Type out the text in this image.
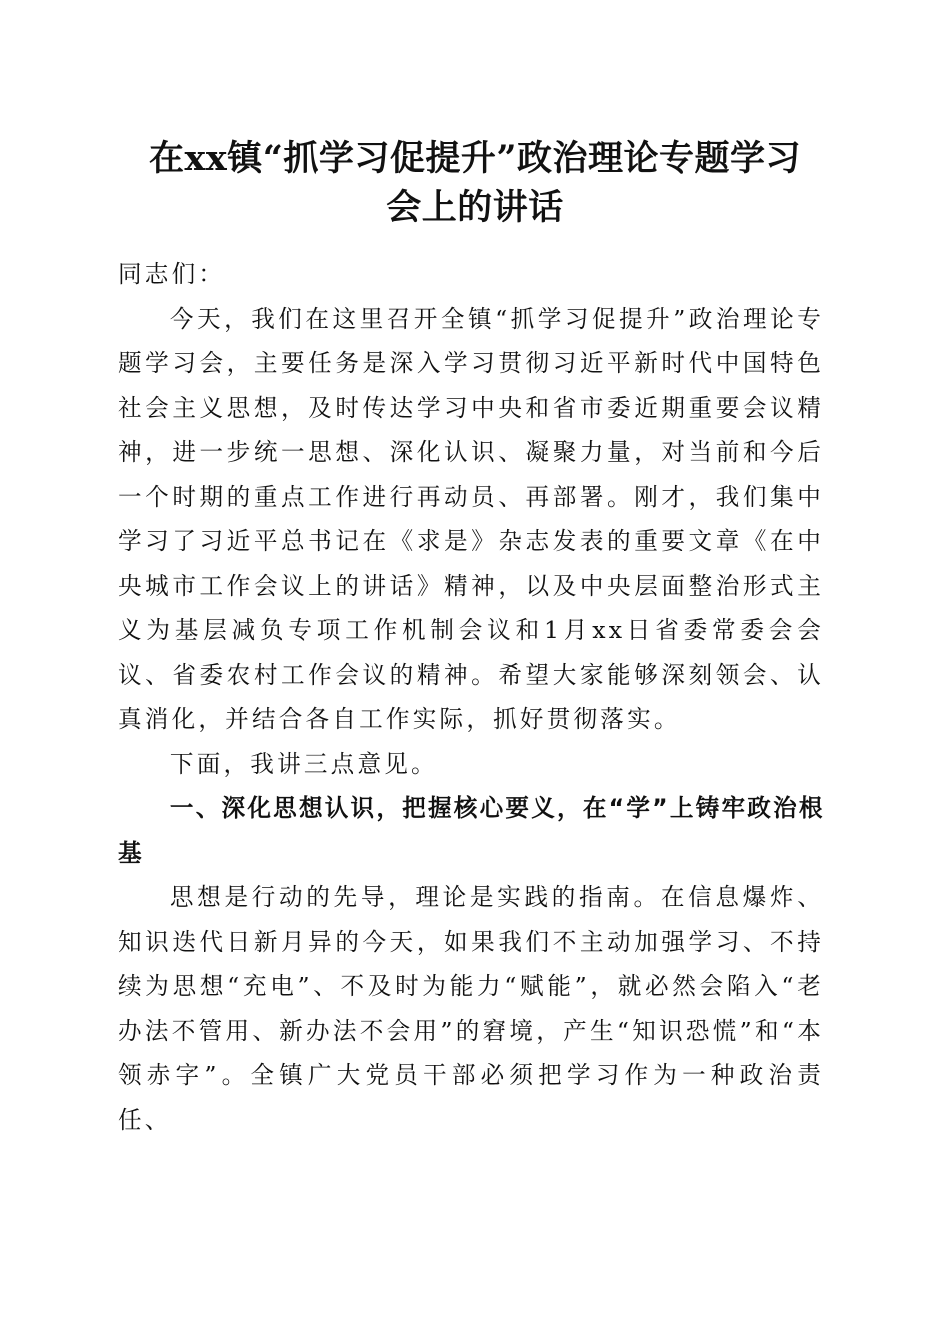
在xx镇“抓学习促提升”政治理论专题学习
会上的讲话

同志们：

今天，我们在这里召开全镇“抓学习促提升”政治理论专题学习会，主要任务是深入学习贯彻习近平新时代中国特色社会主义思想，及时传达学习中央和省市委近期重要会议精神，进一步统一思想、深化认识、凝聚力量，对当前和今后一个时期的重点工作进行再动员、再部署。刚才，我们集中学习了习近平总书记在《求是》杂志发表的重要文章《在中央城市工作会议上的讲话》精神，以及中央层面整治形式主义为基层减负专项工作机制会议和1月xx日省委常委会会议、省委农村工作会议的精神。希望大家能够深刻领会、认真消化，并结合各自工作实际，抓好贯彻落实。

下面，我讲三点意见。

一、深化思想认识，把握核心要义，在“学”上铸牢政治根基

思想是行动的先导，理论是实践的指南。在信息爆炸、知识迭代日新月异的今天，如果我们不主动加强学习、不持续为思想“充电”、不及时为能力“赋能”，就必然会陷入“老办法不管用、新办法不会用”的窘境，产生“知识恐慌”和“本领赤字”。全镇广大党员干部必须把学习作为一种政治责任、
